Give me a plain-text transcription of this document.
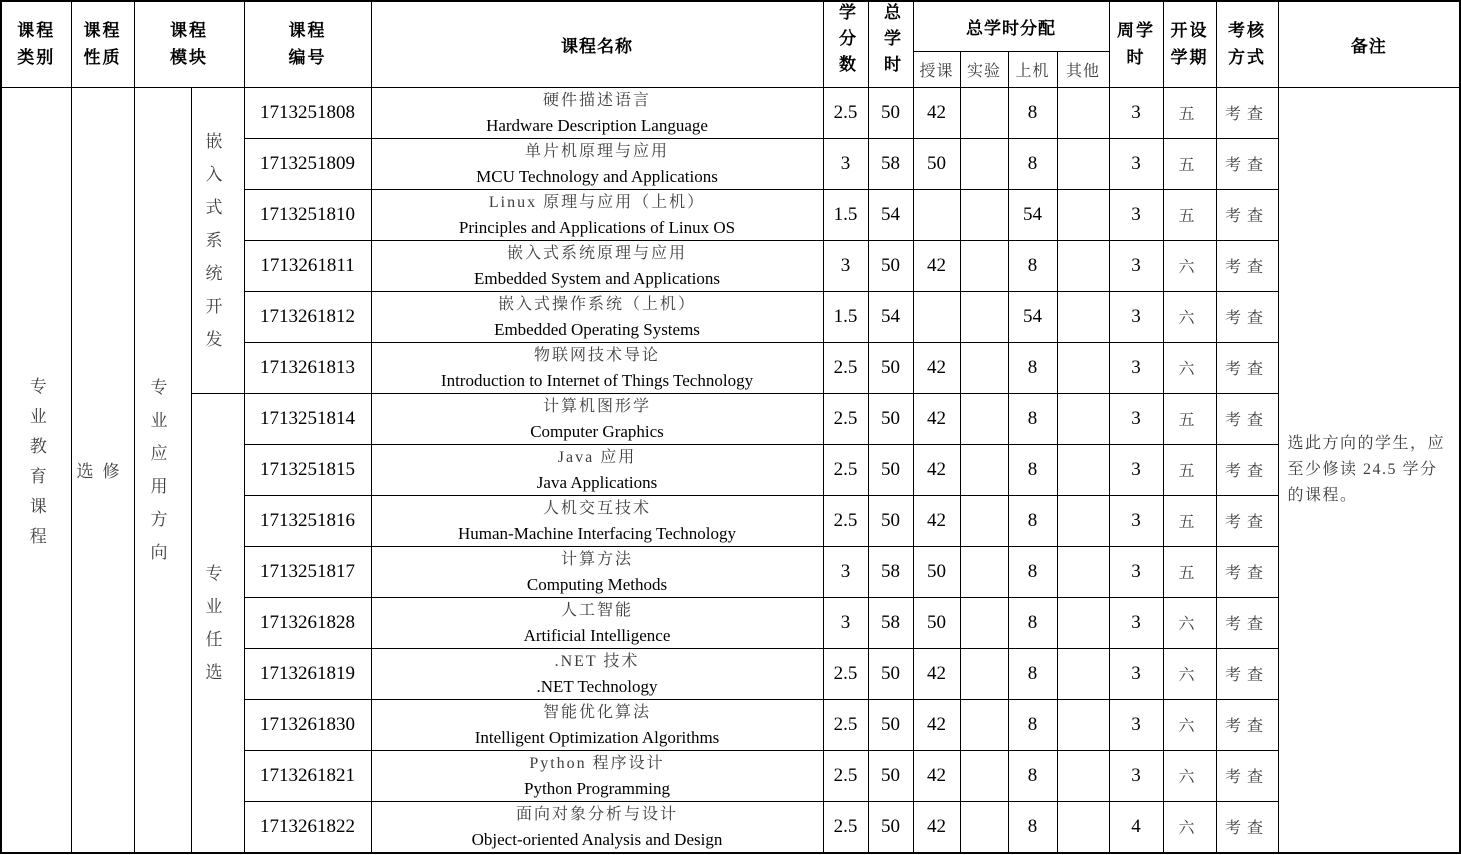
课程类别	课程性质	课程模块		课程编号	课程名称	学分数	总学时	总学时分配				周学时	开设学期	考核方式	备注
								授课	实验	上机	其他				
专业教育课程	选修	专业应用方向	嵌入式系统开发	1713251808	硬件描述语言
Hardware Description Language	2.5	50	42		8		3	五	考查	选此方向的学生，应至少修读 24.5 学分的课程。
				1713251809	单片机原理与应用
MCU Technology and Applications	3	58	50		8		3	五	考查	
				1713251810	Linux 原理与应用（上机）
Principles and Applications of Linux OS	1.5	54			54		3	五	考查	
				1713261811	嵌入式系统原理与应用
Embedded System and Applications	3	50	42		8		3	六	考查	
				1713261812	嵌入式操作系统（上机）
Embedded Operating Systems	1.5	54			54		3	六	考查	
				1713261813	物联网技术导论
Introduction to Internet of Things Technology	2.5	50	42		8		3	六	考查	
			专业任选	1713251814	计算机图形学
Computer Graphics	2.5	50	42		8		3	五	考查	
				1713251815	Java 应用
Java Applications	2.5	50	42		8		3	五	考查	
				1713251816	人机交互技术
Human-Machine Interfacing Technology	2.5	50	42		8		3	五	考查	
				1713251817	计算方法
Computing Methods	3	58	50		8		3	五	考查	
				1713261828	人工智能
Artificial Intelligence	3	58	50		8		3	六	考查	
				1713261819	.NET 技术
.NET Technology	2.5	50	42		8		3	六	考查	
				1713261830	智能优化算法
Intelligent Optimization Algorithms	2.5	50	42		8		3	六	考查	
				1713261821	Python 程序设计
Python Programming	2.5	50	42		8		3	六	考查	
				1713261822	面向对象分析与设计
Object-oriented Analysis and Design	2.5	50	42		8		4	六	考查	
